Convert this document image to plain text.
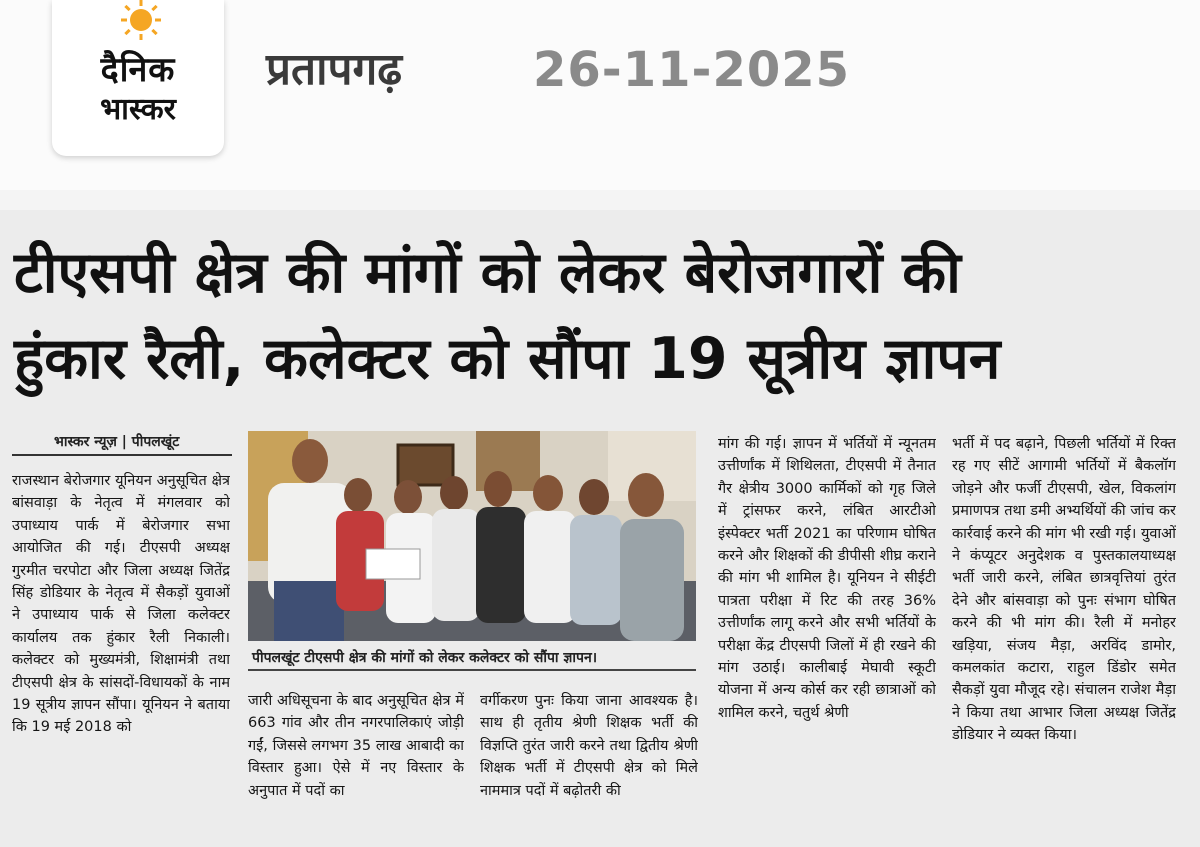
दैनिक
भास्कर
प्रतापगढ़	26-11-2025
टीएसपी क्षेत्र की मांगों को लेकर बेरोजगारों की
हुंकार रैली, कलेक्टर को सौंपा 19 सूत्रीय ज्ञापन
भास्कर न्यूज़ | पीपलखूंट
राजस्थान बेरोजगार यूनियन अनुसूचित क्षेत्र बांसवाड़ा के नेतृत्व में मंगलवार को उपाध्याय पार्क में बेरोजगार सभा आयोजित की गई। टीएसपी अध्यक्ष गुरमीत चरपोटा और जिला अध्यक्ष जितेंद्र सिंह डोडियार के नेतृत्व में सैकड़ों युवाओं ने उपाध्याय पार्क से जिला कलेक्टर कार्यालय तक हुंकार रैली निकाली। कलेक्टर को मुख्यमंत्री, शिक्षामंत्री तथा टीएसपी क्षेत्र के सांसदों-विधायकों के नाम 19 सूत्रीय ज्ञापन सौंपा। यूनियन ने बताया कि 19 मई 2018 को
पीपलखूंट टीएसपी क्षेत्र की मांगों को लेकर कलेक्टर को सौंपा ज्ञापन।
जारी अधिसूचना के बाद अनुसूचित क्षेत्र में 663 गांव और तीन नगरपालिकाएं जोड़ी गईं, जिससे लगभग 35 लाख आबादी का विस्तार हुआ। ऐसे में नए विस्तार के अनुपात में पदों का
वर्गीकरण पुनः किया जाना आवश्यक है। साथ ही तृतीय श्रेणी शिक्षक भर्ती की विज्ञप्ति तुरंत जारी करने तथा द्वितीय श्रेणी शिक्षक भर्ती में टीएसपी क्षेत्र को मिले नाममात्र पदों में बढ़ोतरी की
मांग की गई। ज्ञापन में भर्तियों में न्यूनतम उत्तीर्णांक में शिथिलता, टीएसपी में तैनात गैर क्षेत्रीय 3000 कार्मिकों को गृह जिले में ट्रांसफर करने, लंबित आरटीओ इंस्पेक्टर भर्ती 2021 का परिणाम घोषित करने और शिक्षकों की डीपीसी शीघ्र कराने की मांग भी शामिल है। यूनियन ने सीईटी पात्रता परीक्षा में रिट की तरह 36% उत्तीर्णांक लागू करने और सभी भर्तियों के परीक्षा केंद्र टीएसपी जिलों में ही रखने की मांग उठाई। कालीबाई मेघावी स्कूटी योजना में अन्य कोर्स कर रही छात्राओं को शामिल करने, चतुर्थ श्रेणी
भर्ती में पद बढ़ाने, पिछली भर्तियों में रिक्त रह गए सीटें आगामी भर्तियों में बैकलॉग जोड़ने और फर्जी टीएसपी, खेल, विकलांग प्रमाणपत्र तथा डमी अभ्यर्थियों की जांच कर कार्रवाई करने की मांग भी रखी गई। युवाओं ने कंप्यूटर अनुदेशक व पुस्तकालयाध्यक्ष भर्ती जारी करने, लंबित छात्रवृत्तियां तुरंत देने और बांसवाड़ा को पुनः संभाग घोषित करने की भी मांग की। रैली में मनोहर खड़िया, संजय मैड़ा, अरविंद डामोर, कमलकांत कटारा, राहुल डिंडोर समेत सैकड़ों युवा मौजूद रहे। संचालन राजेश मैड़ा ने किया तथा आभार जिला अध्यक्ष जितेंद्र डोडियार ने व्यक्त किया।
